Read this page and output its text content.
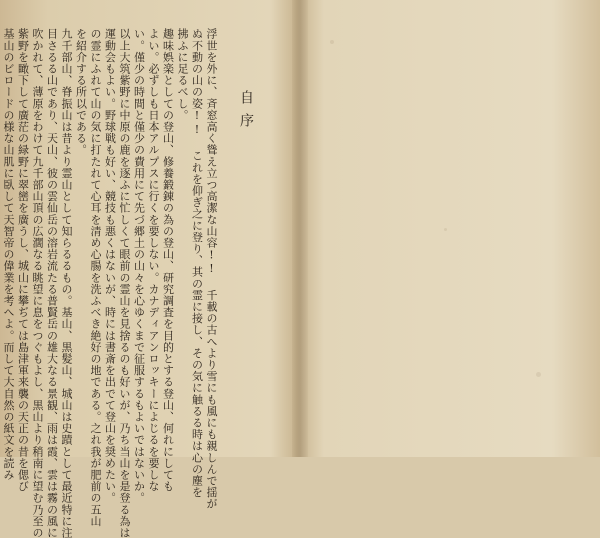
自序
浮世を外に、斉窓高く聳え立つ高潔な山容!! 千載の古へより雪にも風にも親しんで揺が
ぬ不動の山の姿!! これを仰ぎ之に登り、其の霊に接し、その気に触るる時は心の塵を
拂ふに足るべし。
趣味娯楽としての登山、修養鍛錬の為の登山、研究調査を目的とする登山、何れにしても
よい。必ずしも日本アルプスに行くを要しない。カナディアンロッキーによじるを要しな
い。僅少の時間と僅少の費用にて先づ郷土の山々を心ゆくまで征服するもよいではないか。
以上大筑紫野に中原の鹿を逐ふに忙しくて眼前の霊山を見捨るのも好いが、乃ち当山を是登る為は
運動会もよい。野球戦も好い、競技も悪くはないが、時には書斎を出でて登山を奨めたい。
の霊にふれて山の気に打たれて心耳を清め心腸を洗ふべき絶好の地である。之れ我が肥前の五山
を紹介する所以である。
九千部山、脊振山は昔より霊山として知らるるもの。基山、黒髪山、城山は史蹟として最近特に注
目さるる山であり、天山、彼の雲仙岳の溶岩流たる普賢岳の雄大なる景観、雨は霞、雲は霧の風に
吹かれて、薄原をわけて九千部山頂の広濶なる眺望に息をつぐもよし、黒山より稍南に望む乃至の
紫野を瞰下して廣茫の緑野に翠巒を廣うし、城山に攀ぢては島津軍来襲の天正の昔を偲び
基山のビロードの様な山肌に臥して天智帝の偉業を考へよ。而して大自然の紙文を読み
